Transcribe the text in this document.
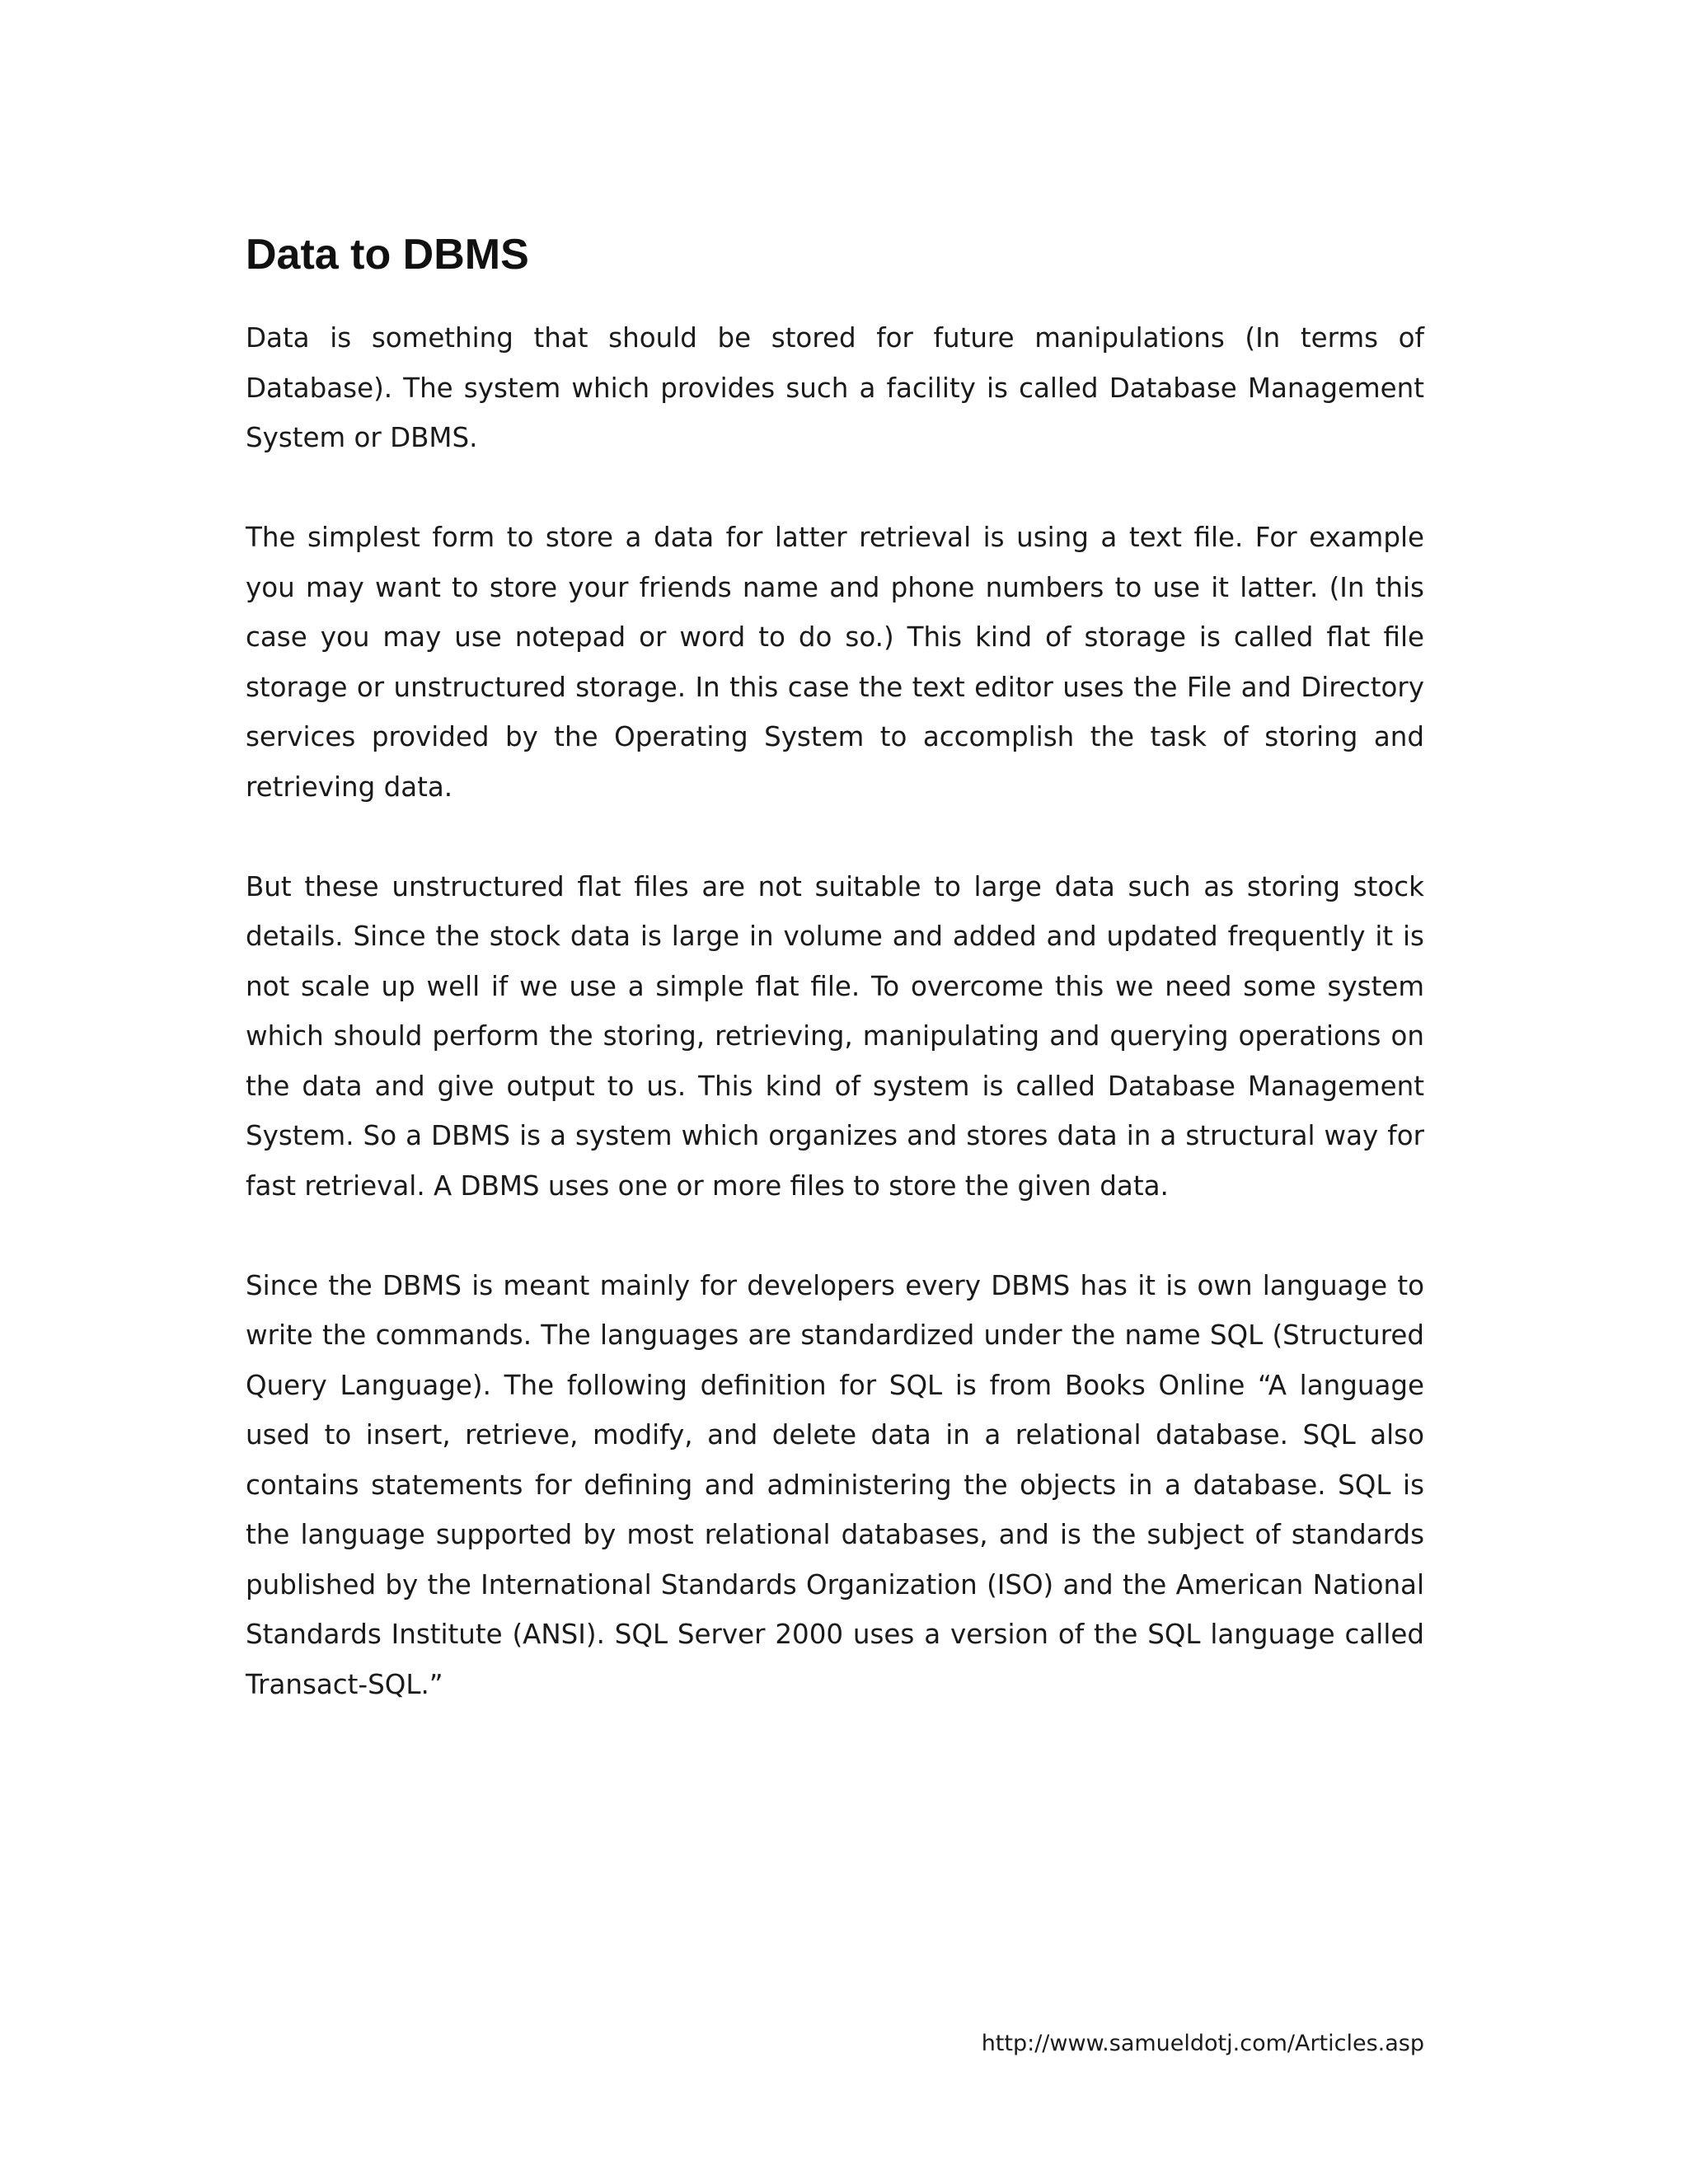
Data to DBMS

Data is something that should be stored for future manipulations (In terms of Database). The system which provides such a facility is called Database Management System or DBMS.

The simplest form to store a data for latter retrieval is using a text file. For example you may want to store your friends name and phone numbers to use it latter. (In this case you may use notepad or word to do so.) This kind of storage is called flat file storage or unstructured storage. In this case the text editor uses the File and Directory services provided by the Operating System to accomplish the task of storing and retrieving data.

But these unstructured flat files are not suitable to large data such as storing stock details. Since the stock data is large in volume and added and updated frequently it is not scale up well if we use a simple flat file. To overcome this we need some system which should perform the storing, retrieving, manipulating and querying operations on the data and give output to us. This kind of system is called Database Management System. So a DBMS is a system which organizes and stores data in a structural way for fast retrieval. A DBMS uses one or more files to store the given data.

Since the DBMS is meant mainly for developers every DBMS has it is own language to write the commands. The languages are standardized under the name SQL (Structured Query Language). The following definition for SQL is from Books Online “A language used to insert, retrieve, modify, and delete data in a relational database. SQL also contains statements for defining and administering the objects in a database. SQL is the language supported by most relational databases, and is the subject of standards published by the International Standards Organization (ISO) and the American National Standards Institute (ANSI). SQL Server 2000 uses a version of the SQL language called Transact-SQL.”

http://www.samueldotj.com/Articles.asp
